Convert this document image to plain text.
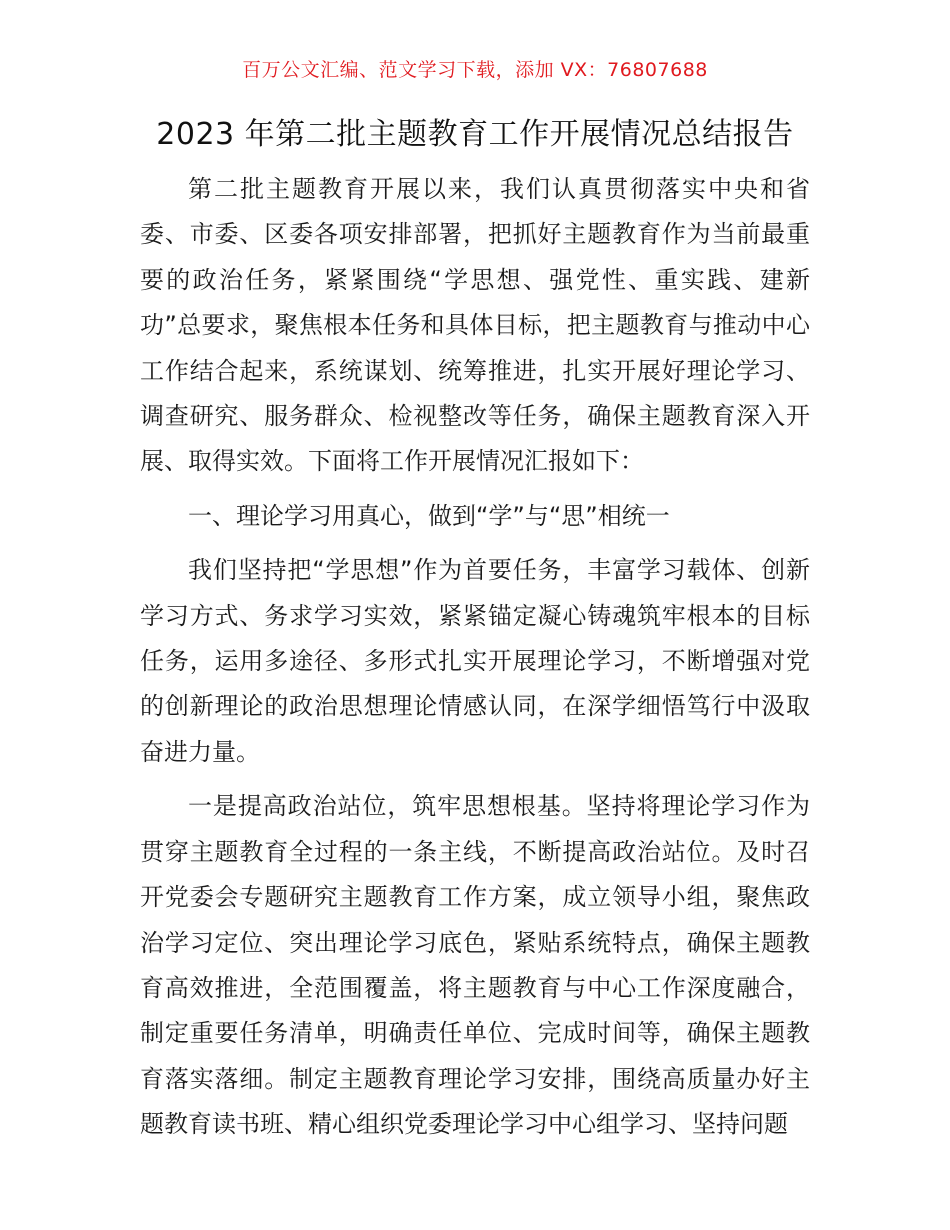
百万公文汇编、范文学习下载，添加 VX：76807688
2023 年第二批主题教育工作开展情况总结报告

第二批主题教育开展以来，我们认真贯彻落实中央和省委、市委、区委各项安排部署，把抓好主题教育作为当前最重要的政治任务，紧紧围绕“学思想、强党性、重实践、建新功”总要求，聚焦根本任务和具体目标，把主题教育与推动中心工作结合起来，系统谋划、统筹推进，扎实开展好理论学习、调查研究、服务群众、检视整改等任务，确保主题教育深入开展、取得实效。下面将工作开展情况汇报如下：

一、理论学习用真心，做到“学”与“思”相统一

我们坚持把“学思想”作为首要任务，丰富学习载体、创新学习方式、务求学习实效，紧紧锚定凝心铸魂筑牢根本的目标任务，运用多途径、多形式扎实开展理论学习，不断增强对党的创新理论的政治思想理论情感认同，在深学细悟笃行中汲取奋进力量。

一是提高政治站位，筑牢思想根基。坚持将理论学习作为贯穿主题教育全过程的一条主线，不断提高政治站位。及时召开党委会专题研究主题教育工作方案，成立领导小组，聚焦政治学习定位、突出理论学习底色，紧贴系统特点，确保主题教育高效推进，全范围覆盖，将主题教育与中心工作深度融合，制定重要任务清单，明确责任单位、完成时间等，确保主题教育落实落细。制定主题教育理论学习安排，围绕高质量办好主题教育读书班、精心组织党委理论学习中心组学习、坚持问题
